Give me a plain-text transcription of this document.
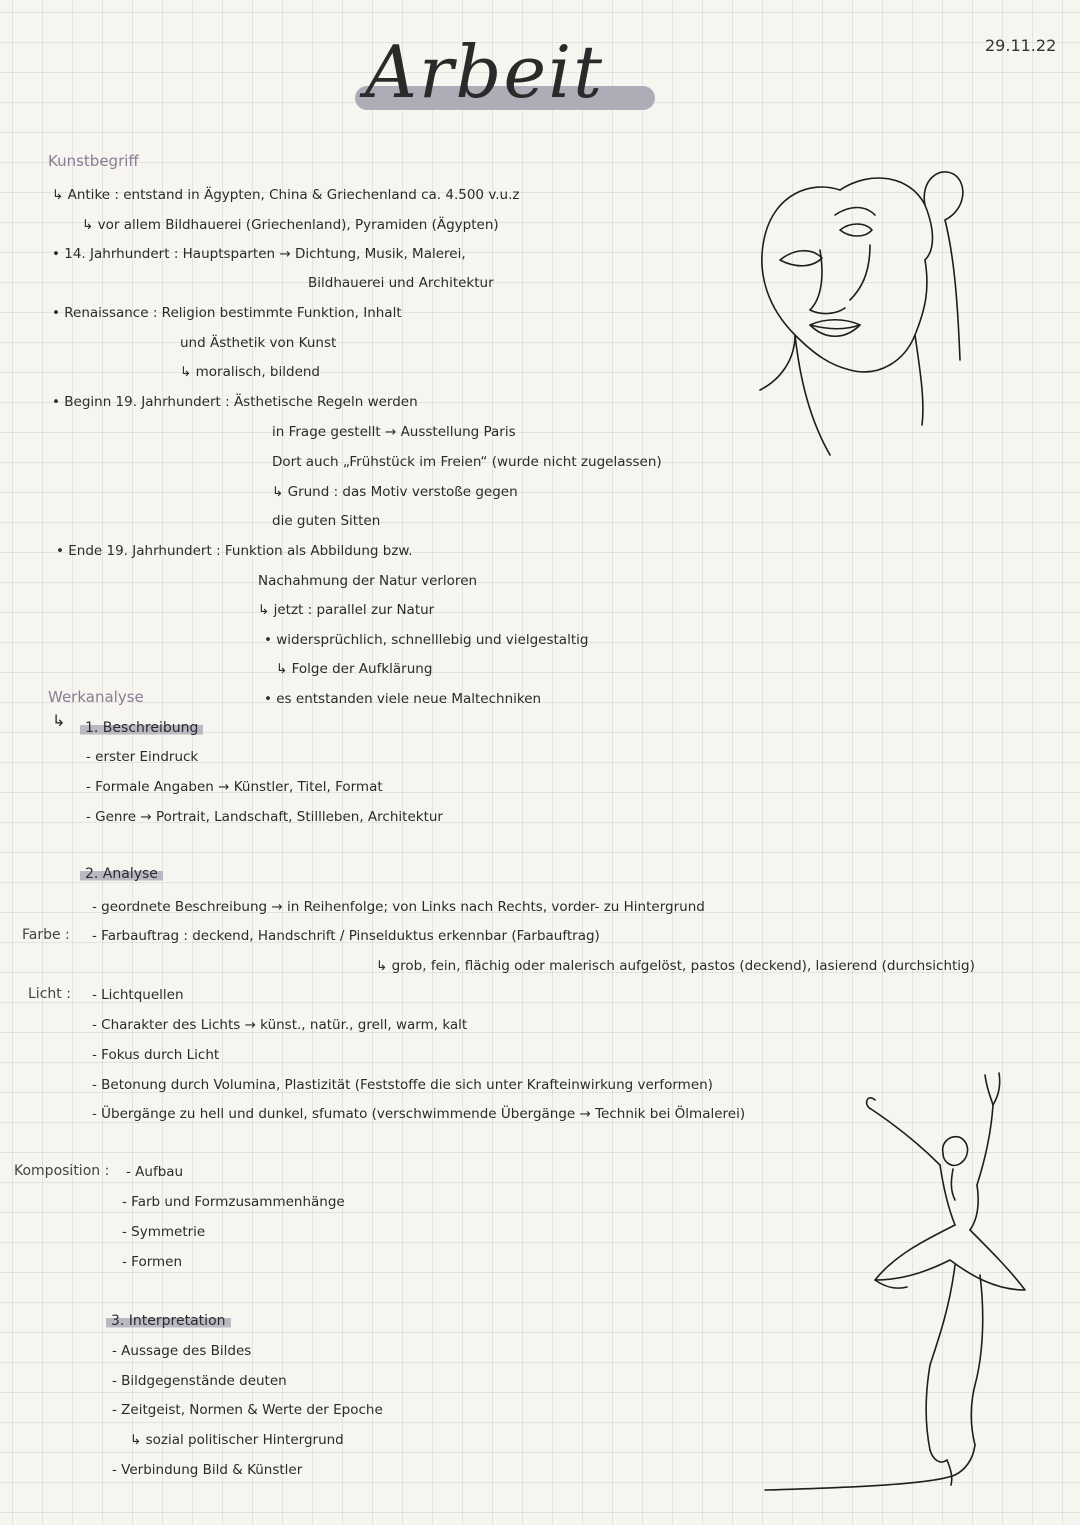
Arbeit	29.11.22
Kunstbegriff
↳ Antike : entstand in Ägypten, China & Griechenland ca. 4.500 v.u.z
↳ vor allem Bildhauerei (Griechenland), Pyramiden (Ägypten)
• 14. Jahrhundert : Hauptsparten → Dichtung, Musik, Malerei,
Bildhauerei und Architektur
• Renaissance : Religion bestimmte Funktion, Inhalt
und Ästhetik von Kunst
↳ moralisch, bildend
• Beginn 19. Jahrhundert : Ästhetische Regeln werden
in Frage gestellt → Ausstellung Paris
Dort auch „Frühstück im Freien“ (wurde nicht zugelassen)
↳ Grund : das Motiv verstoße gegen
die guten Sitten
• Ende 19. Jahrhundert : Funktion als Abbildung bzw.
Nachahmung der Natur verloren
↳ jetzt : parallel zur Natur
• widersprüchlich, schnelllebig und vielgestaltig
↳ Folge der Aufklärung
• es entstanden viele neue Maltechniken
Werkanalyse
↳	1. Beschreibung
- erster Eindruck
- Formale Angaben → Künstler, Titel, Format
- Genre → Portrait, Landschaft, Stillleben, Architektur
2. Analyse
- geordnete Beschreibung → in Reihenfolge; von Links nach Rechts, vorder- zu Hintergrund
Farbe : - Farbauftrag : deckend, Handschrift / Pinselduktus erkennbar (Farbauftrag)
↳ grob, fein, flächig oder malerisch aufgelöst, pastos (deckend), lasierend (durchsichtig)
Licht : - Lichtquellen
- Charakter des Lichts → künst., natür., grell, warm, kalt
- Fokus durch Licht
- Betonung durch Volumina, Plastizität (Feststoffe die sich unter Krafteinwirkung verformen)
- Übergänge zu hell und dunkel, sfumato (verschwimmende Übergänge → Technik bei Ölmalerei)
Komposition : - Aufbau
- Farb und Formzusammenhänge
- Symmetrie
- Formen
3. Interpretation
- Aussage des Bildes
- Bildgegenstände deuten
- Zeitgeist, Normen & Werte der Epoche
↳ sozial politischer Hintergrund
- Verbindung Bild & Künstler
